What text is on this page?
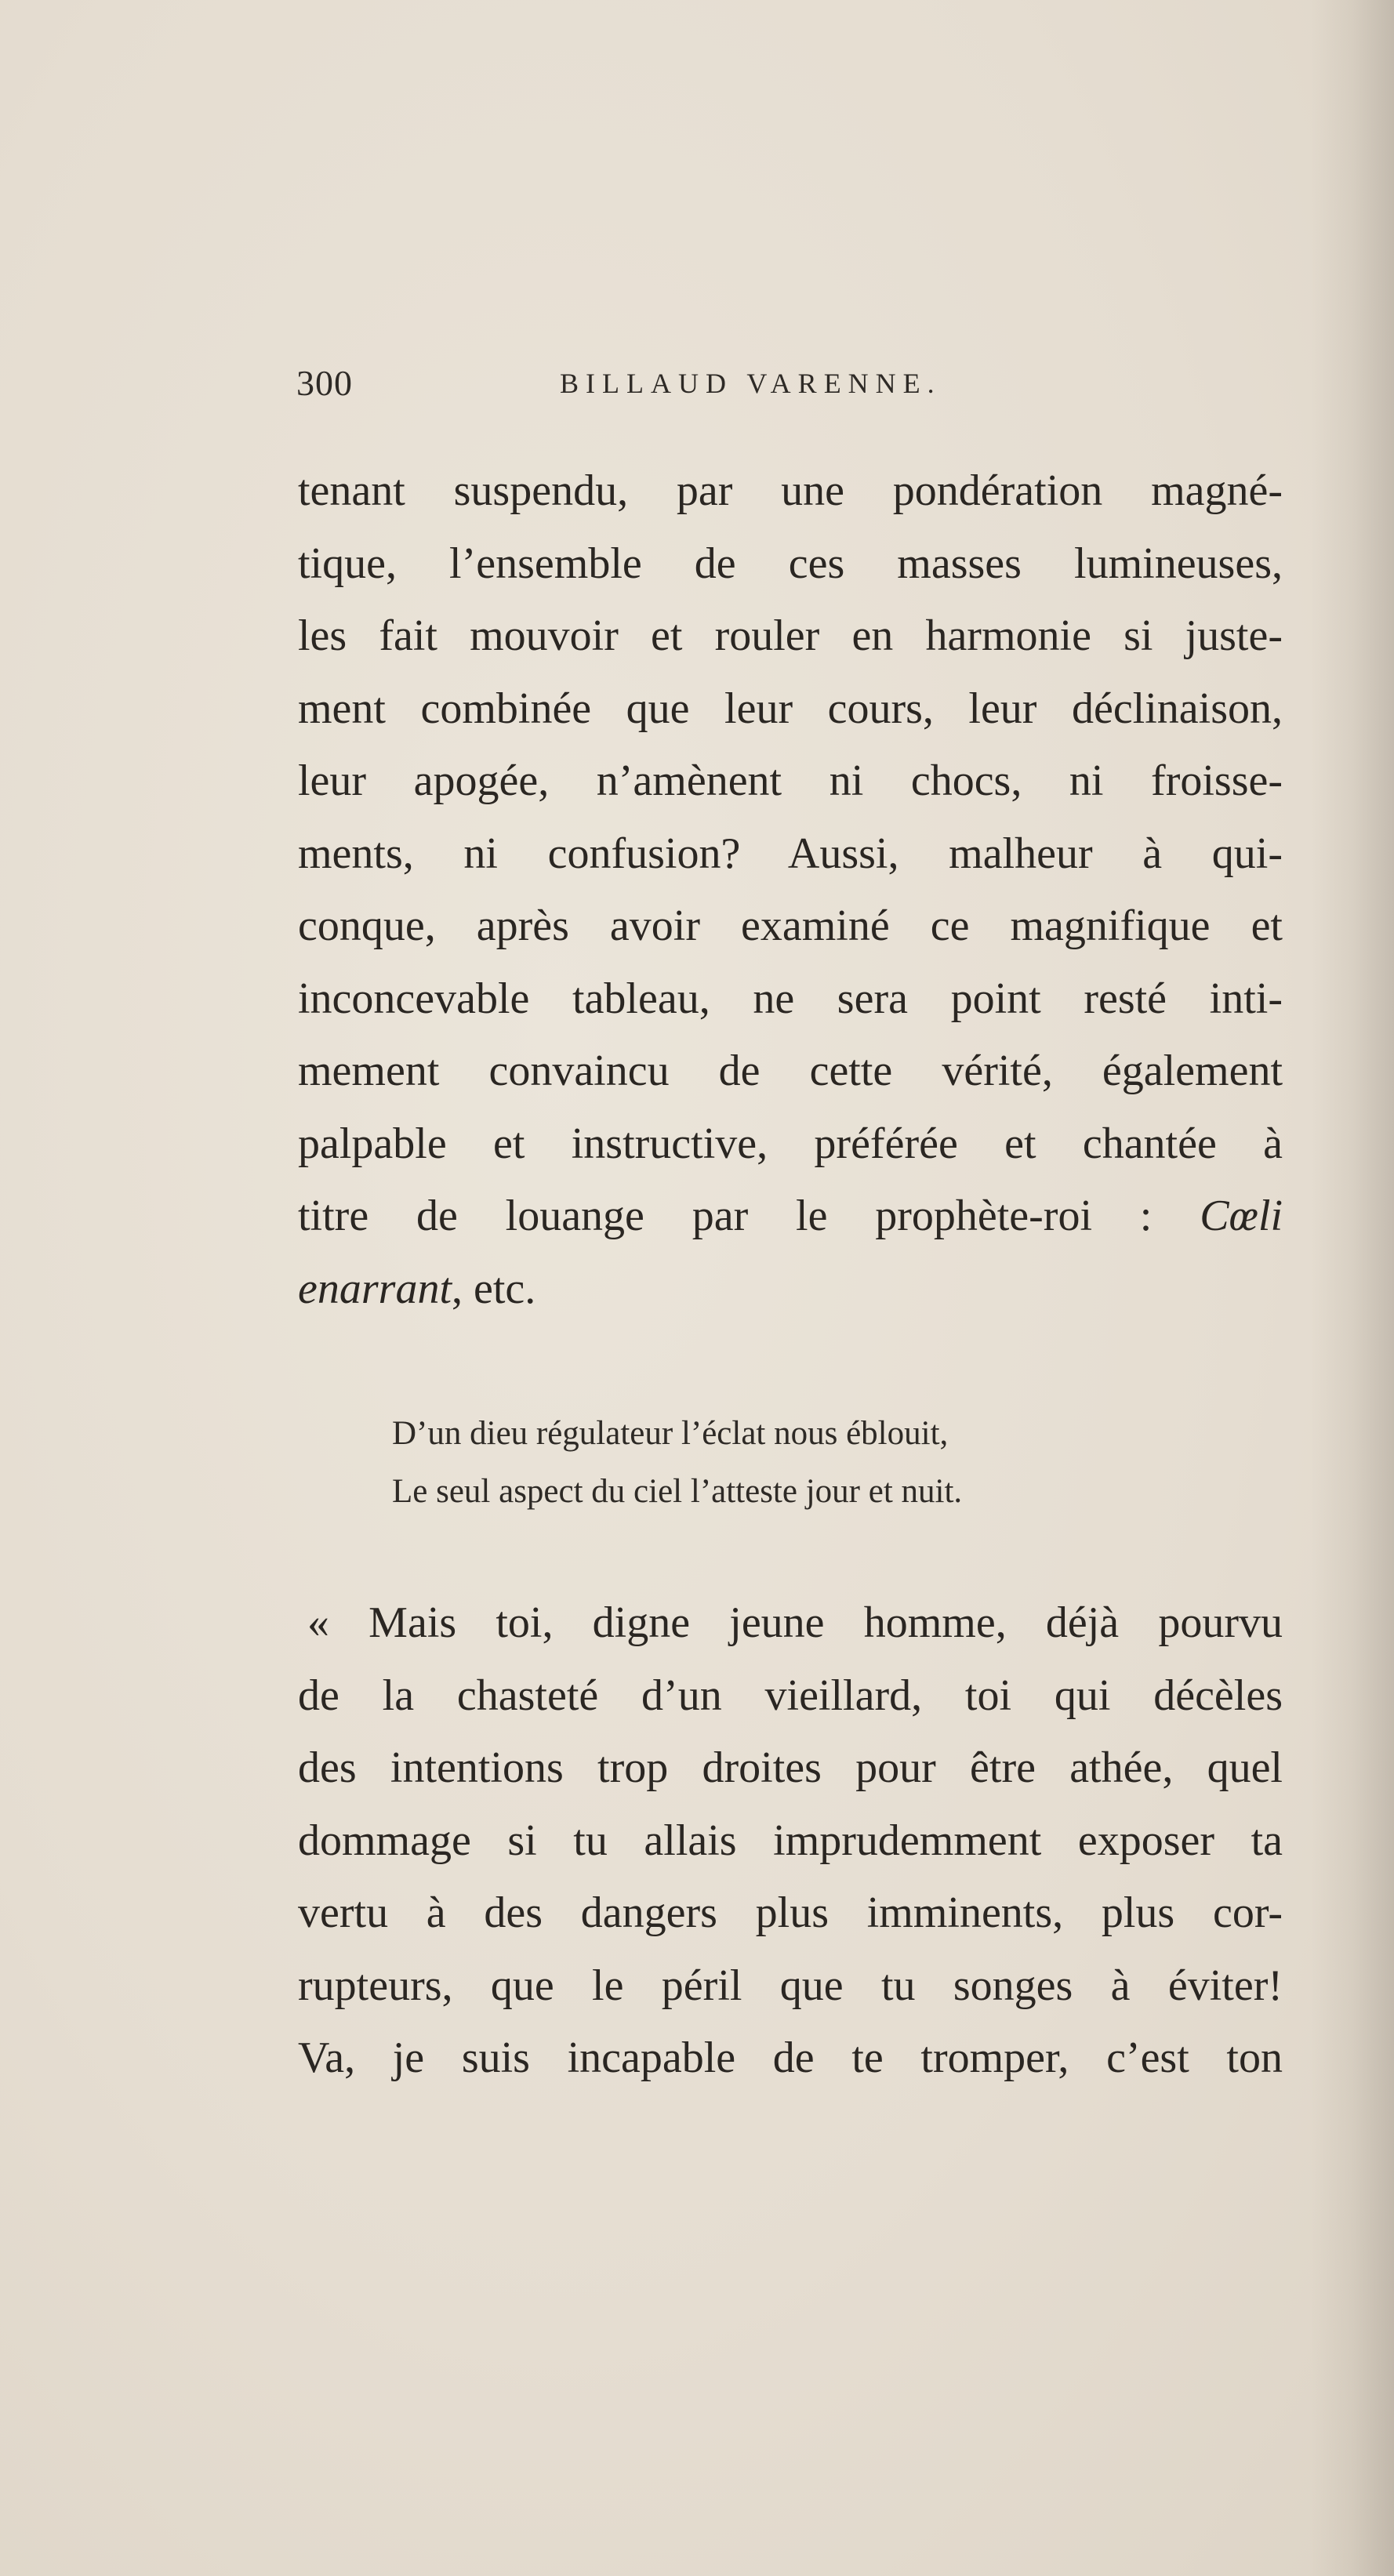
300	BILLAUD VARENNE.
tenant suspendu, par une pondération magné-
tique, l’ensemble de ces masses lumineuses,
les fait mouvoir et rouler en harmonie si juste-
ment combinée que leur cours, leur déclinaison,
leur apogée, n’amènent ni chocs, ni froisse-
ments, ni confusion? Aussi, malheur à qui-
conque, après avoir examiné ce magnifique et
inconcevable tableau, ne sera point resté inti-
mement convaincu de cette vérité, également
palpable et instructive, préférée et chantée à
titre de louange par le prophète-roi : Cœli
enarrant, etc.
D’un dieu régulateur l’éclat nous éblouit,
Le seul aspect du ciel l’atteste jour et nuit.
« Mais toi, digne jeune homme, déjà pourvu
de la chasteté d’un vieillard, toi qui décèles
des intentions trop droites pour être athée, quel
dommage si tu allais imprudemment exposer ta
vertu à des dangers plus imminents, plus cor-
rupteurs, que le péril que tu songes à éviter!
Va, je suis incapable de te tromper, c’est ton
